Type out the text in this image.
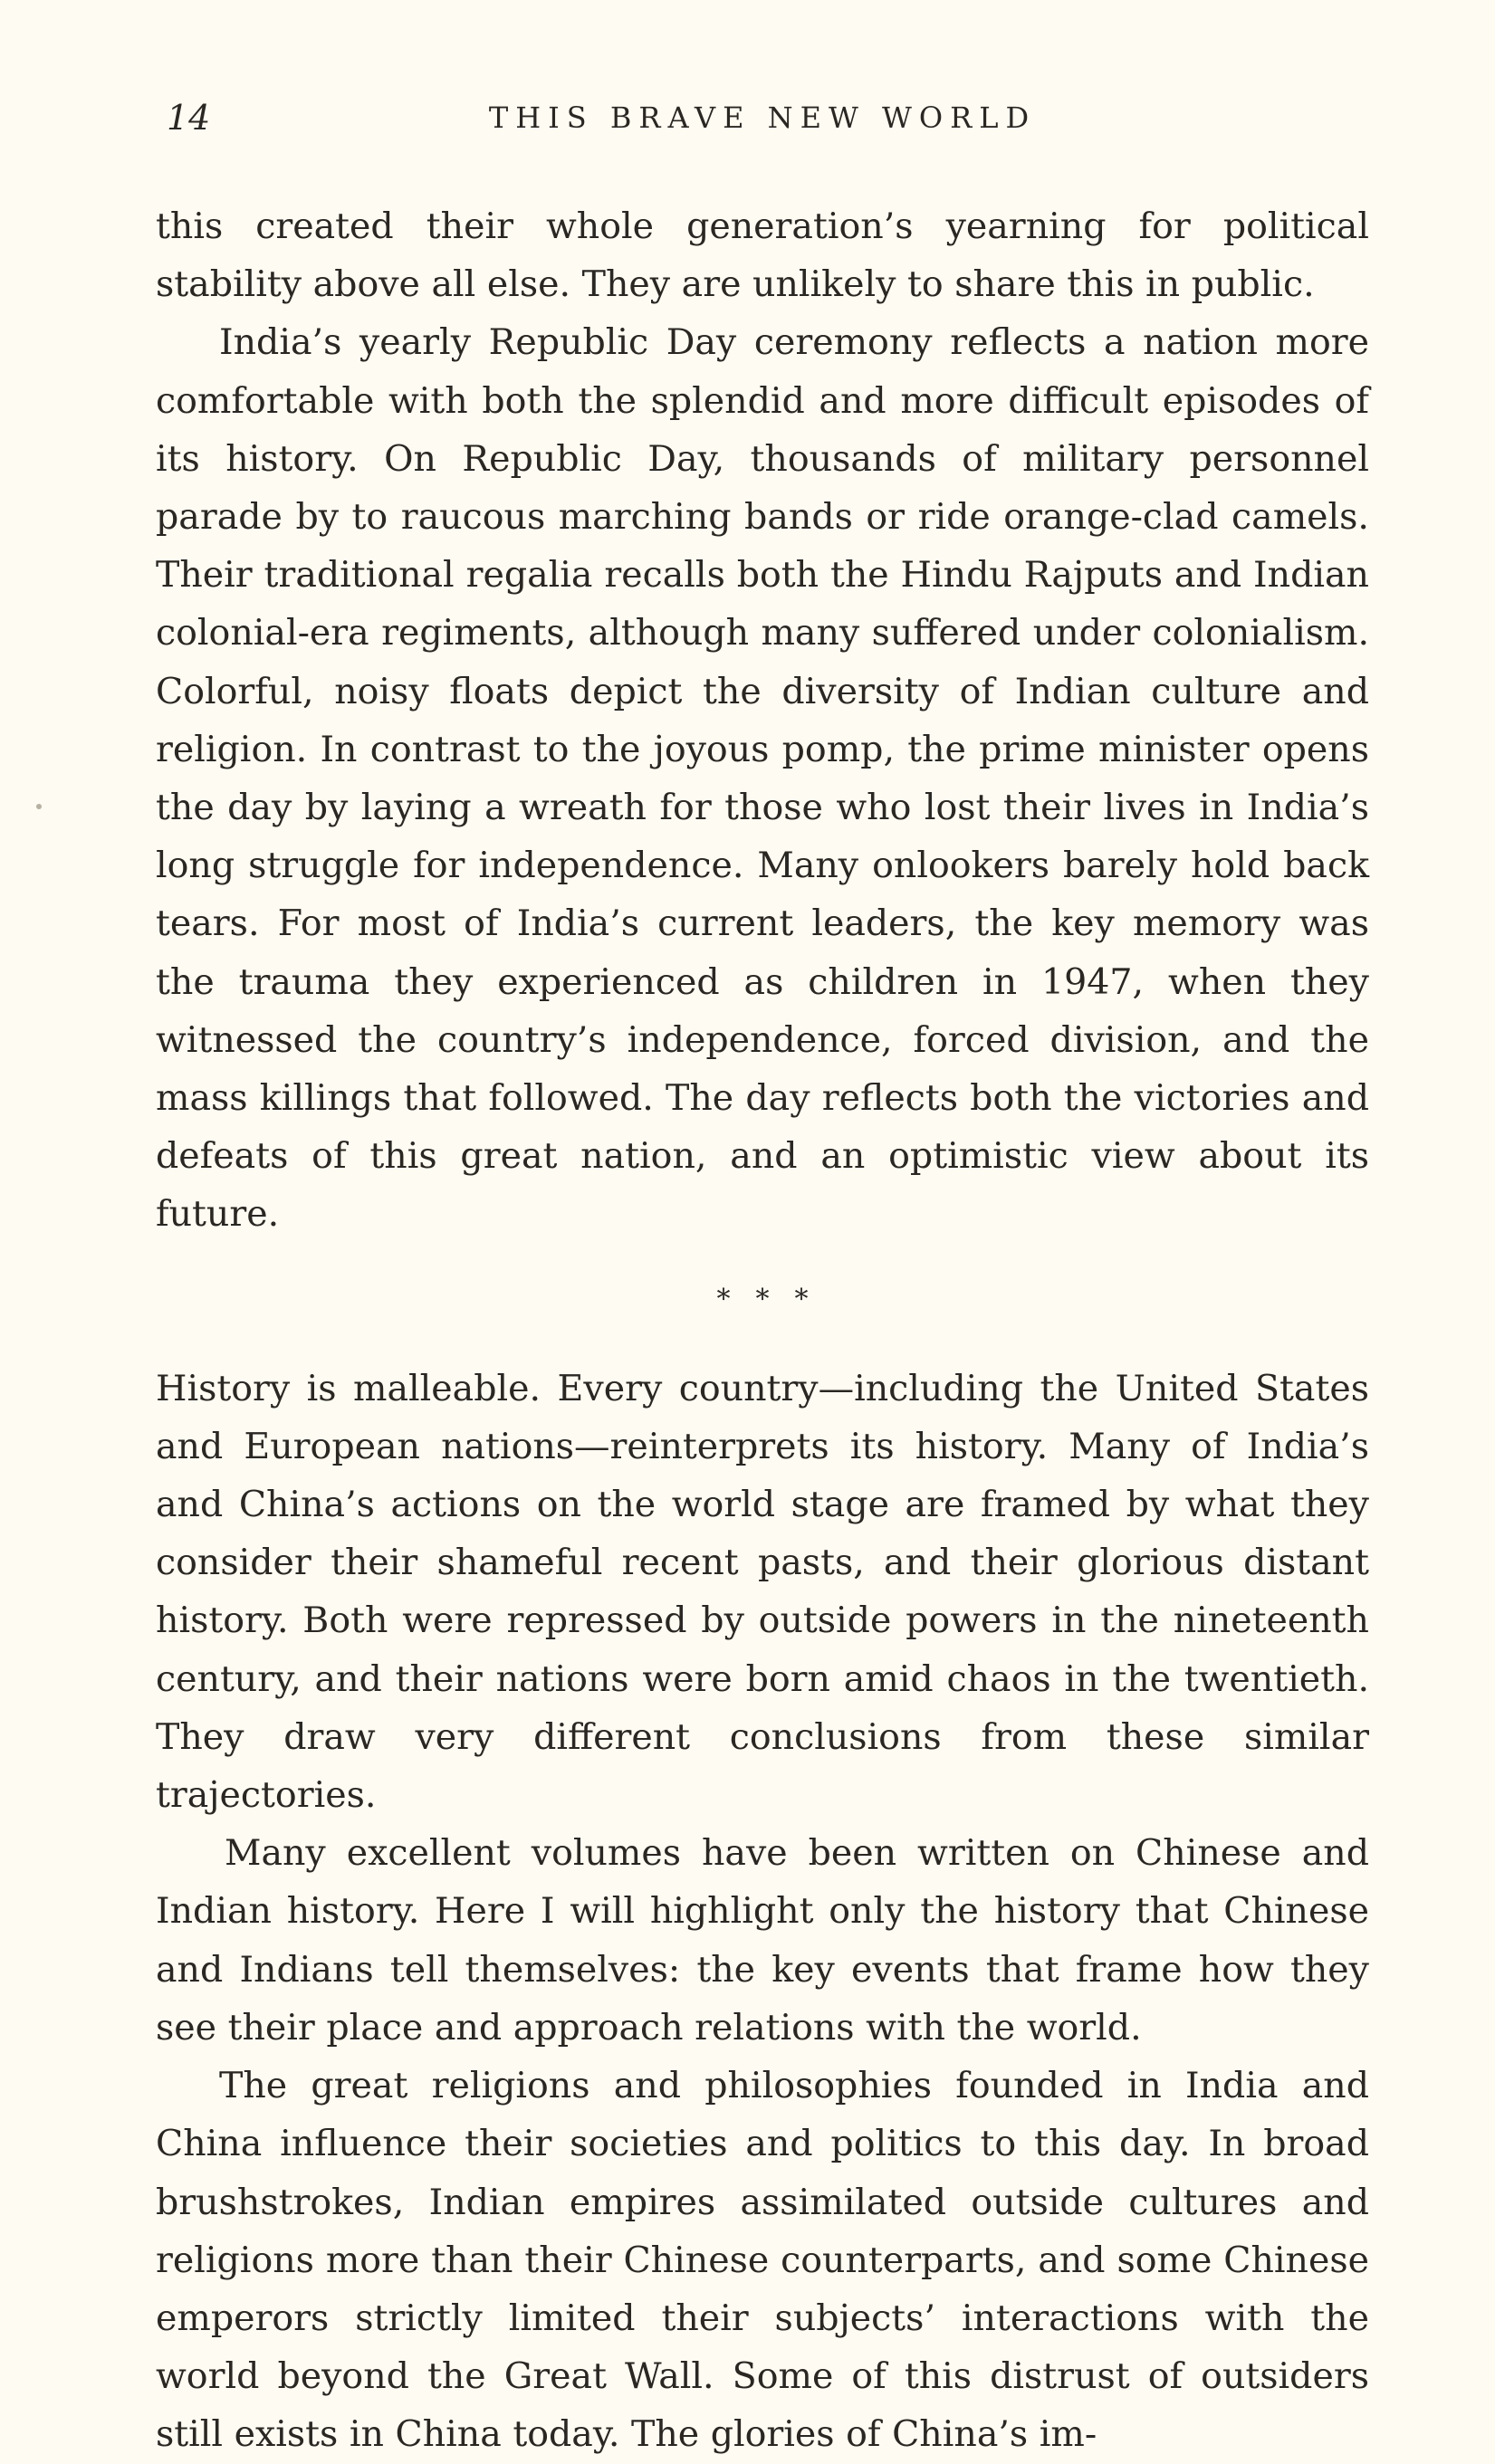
THIS BRAVE NEW WORLD
14

this created their whole generation’s yearning for political stability above all else. They are unlikely to share this in public.

India’s yearly Republic Day ceremony reflects a nation more comfortable with both the splendid and more difficult episodes of its history. On Republic Day, thousands of military personnel parade by to raucous marching bands or ride orange-clad camels. Their traditional regalia recalls both the Hindu Rajputs and Indian colonial-era regiments, although many suffered under colonialism. Colorful, noisy floats depict the diversity of Indian culture and religion. In contrast to the joyous pomp, the prime minister opens the day by laying a wreath for those who lost their lives in India’s long struggle for independence. Many onlookers barely hold back tears. For most of India’s current leaders, the key memory was the trauma they experienced as children in 1947, when they witnessed the country’s independence, forced division, and the mass killings that followed. The day reflects both the victories and defeats of this great nation, and an optimistic view about its future.

***

History is malleable. Every country—including the United States and European nations—reinterprets its history. Many of India’s and China’s actions on the world stage are framed by what they consider their shameful recent pasts, and their glorious distant history. Both were repressed by outside powers in the nineteenth century, and their nations were born amid chaos in the twentieth. They draw very different conclusions from these similar trajectories.

Many excellent volumes have been written on Chinese and Indian history. Here I will highlight only the history that Chinese and Indians tell themselves: the key events that frame how they see their place and approach relations with the world.

The great religions and philosophies founded in India and China influence their societies and politics to this day. In broad brushstrokes, Indian empires assimilated outside cultures and religions more than their Chinese counterparts, and some Chinese emperors strictly limited their subjects’ interactions with the world beyond the Great Wall. Some of this distrust of outsiders still exists in China today. The glories of China’s im-
